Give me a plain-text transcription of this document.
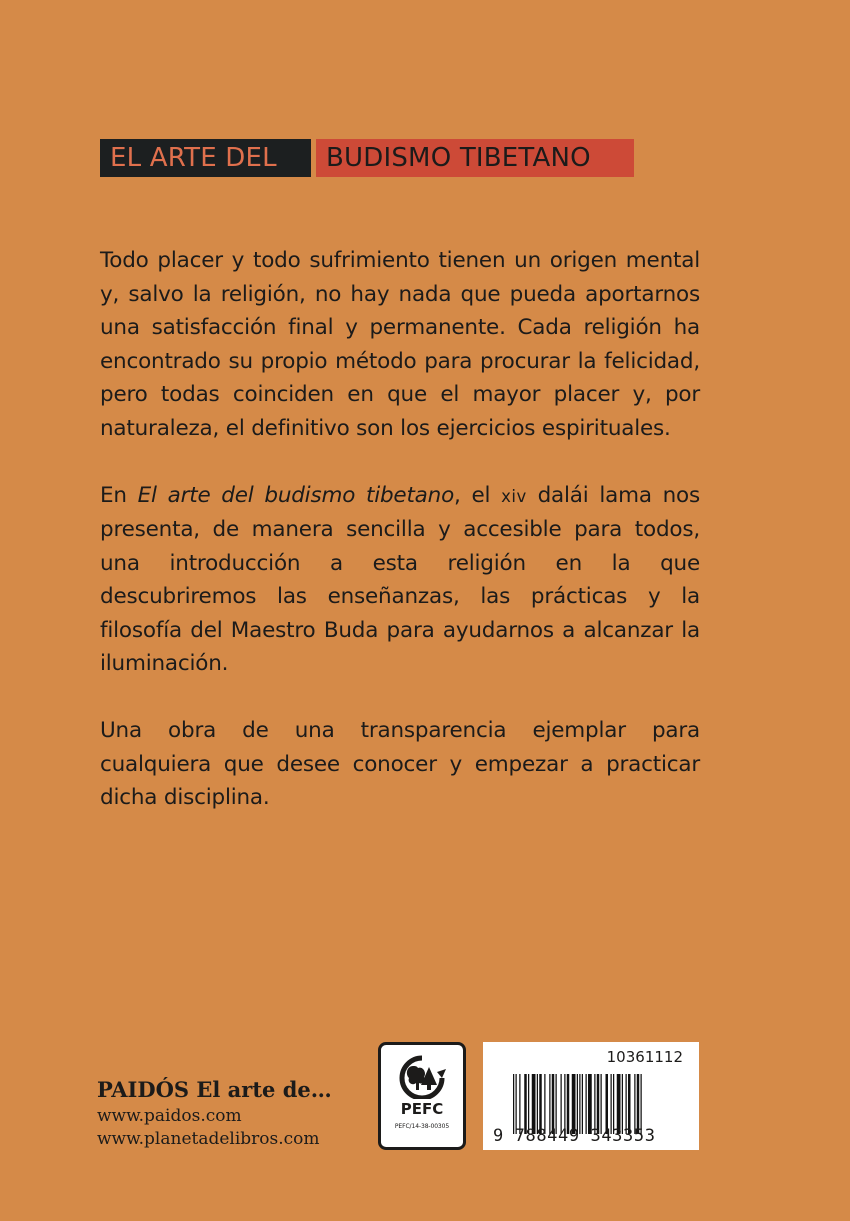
EL ARTE DEL	BUDISMO TIBETANO

Todo placer y todo sufrimiento tienen un origen mental y, salvo la religión, no hay nada que pueda aportarnos una satisfacción final y permanente. Cada religión ha encontrado su propio método para procurar la felicidad, pero todas coinciden en que el mayor placer y, por naturaleza, el definitivo son los ejercicios espirituales.

En El arte del budismo tibetano, el xiv dalái lama nos presenta, de manera sencilla y accesible para todos, una introducción a esta religión en la que descubriremos las enseñanzas, las prácticas y la filosofía del Maestro Buda para ayudarnos a alcanzar la iluminación.

Una obra de una transparencia ejemplar para cualquiera que desee conocer y empezar a practicar dicha disciplina.

PAIDÓS El arte de…
www.paidos.com
www.planetadelibros.com
PEFC
PEFC/14-38-00305
10361112
9 788449 343353
